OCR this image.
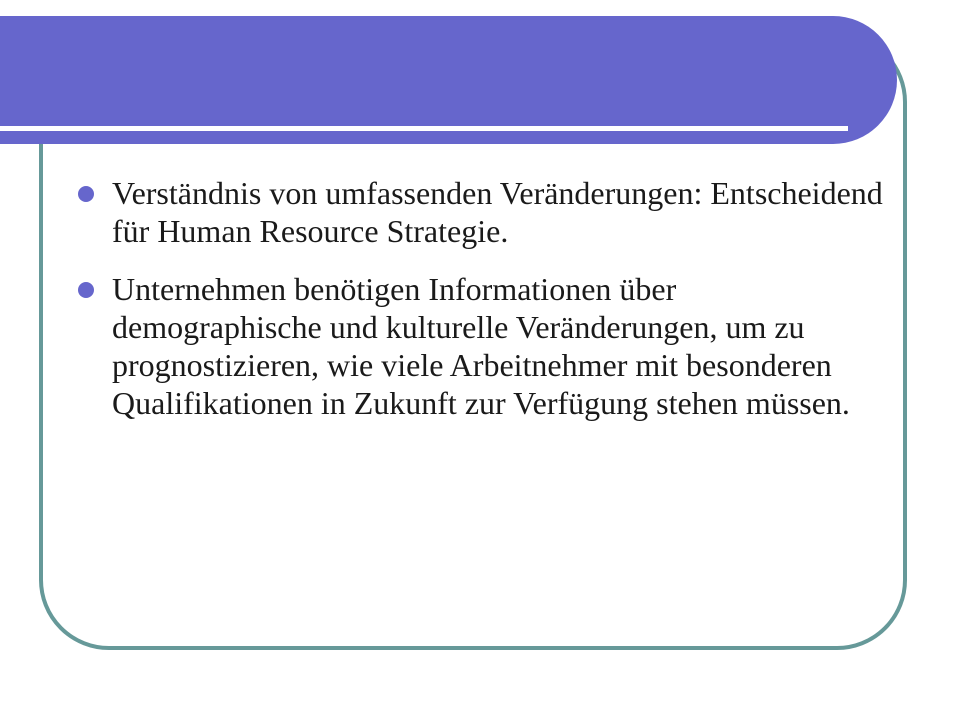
Verständnis von umfassenden Veränderungen: Entscheidend für Human Resource Strategie.
Unternehmen benötigen Informationen über demographische und kulturelle Veränderungen, um zu prognostizieren, wie viele Arbeitnehmer mit besonderen Qualifikationen in Zukunft zur Verfügung stehen müssen.
